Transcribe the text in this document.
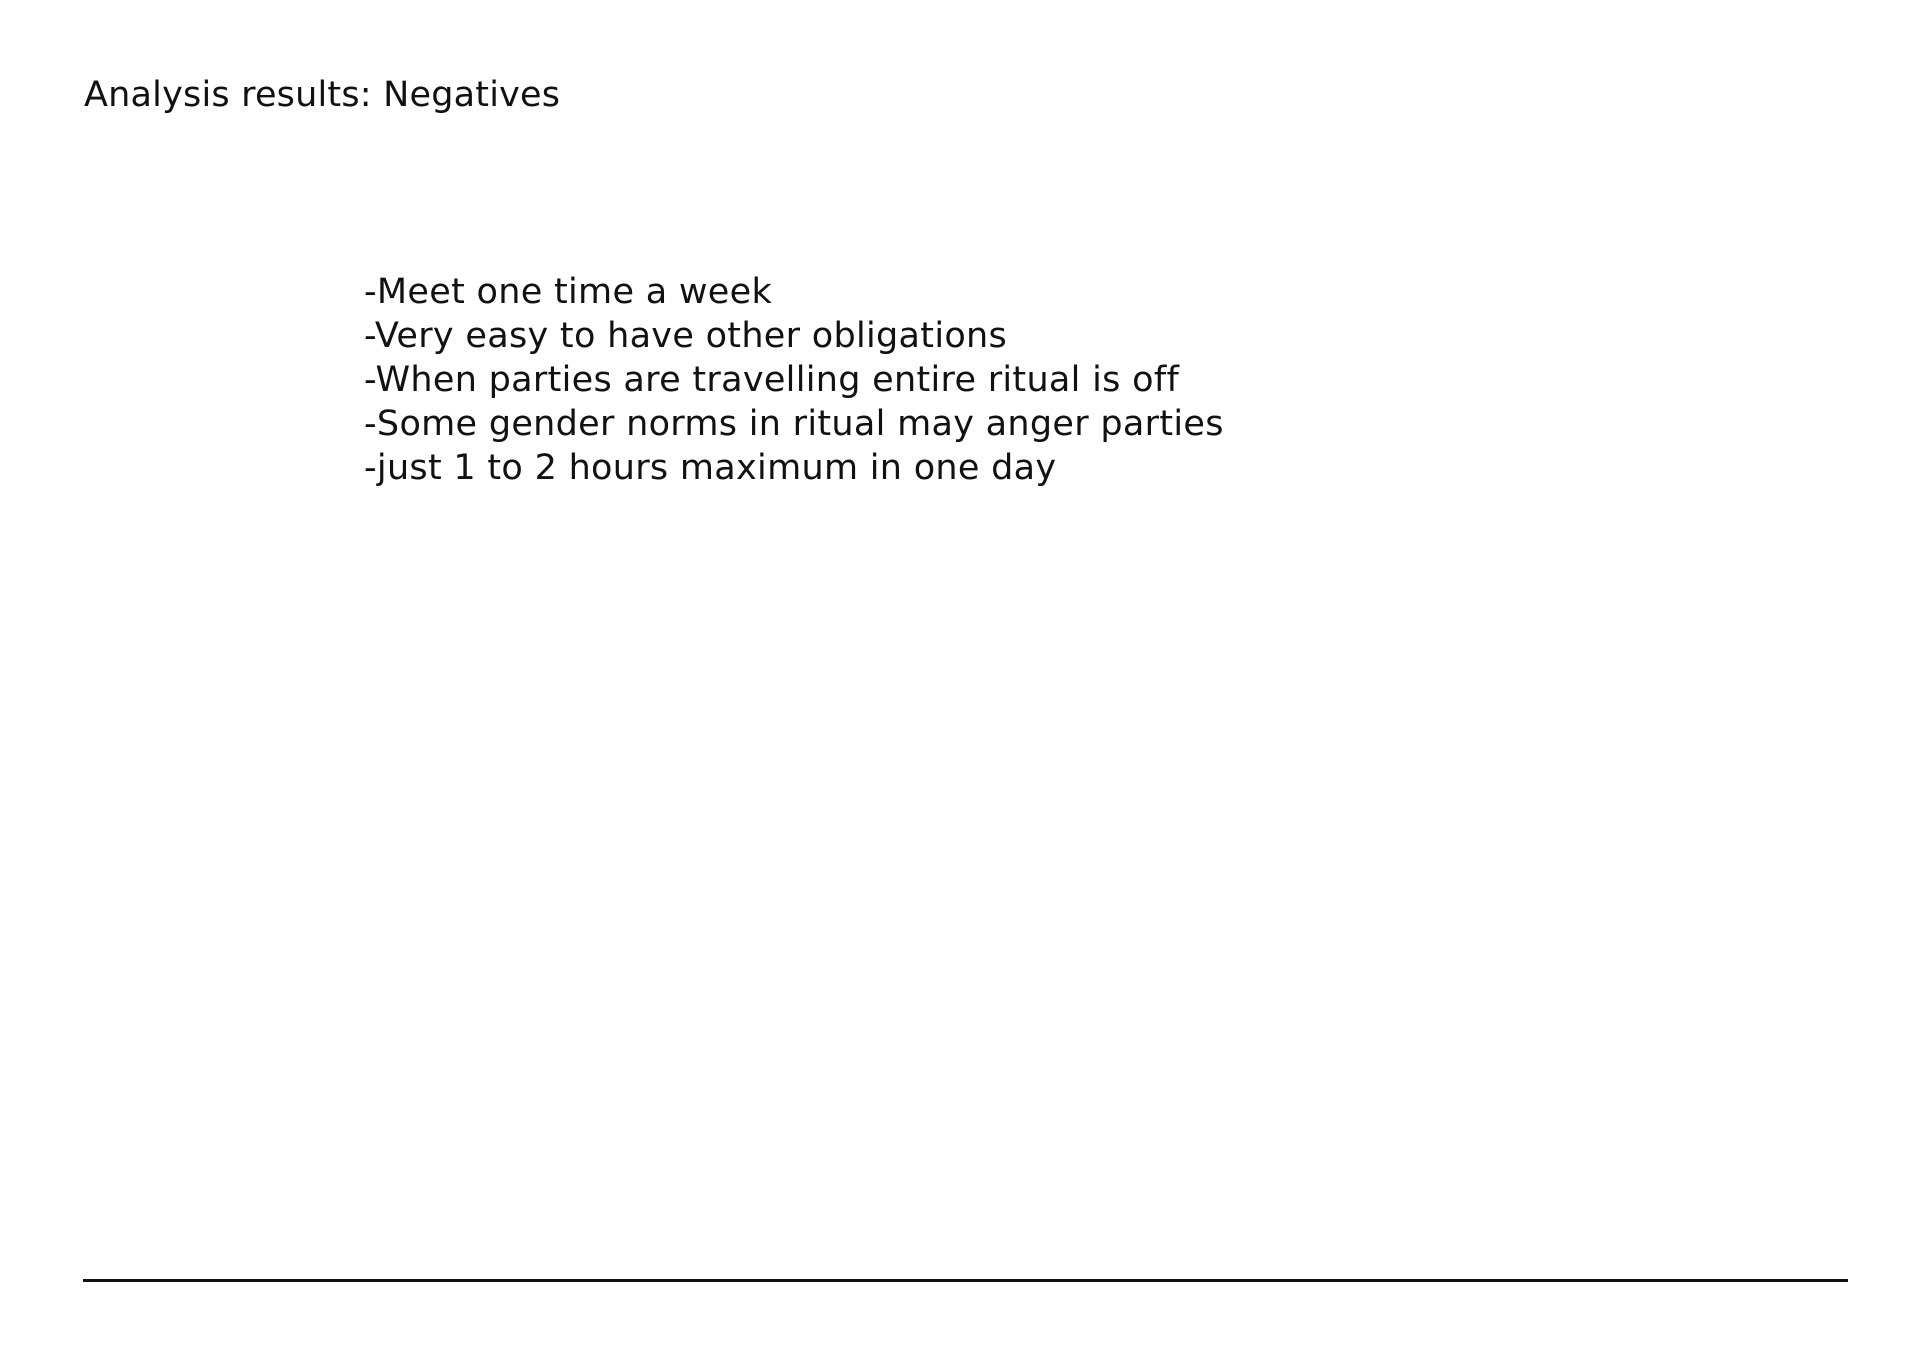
Analysis results: Negatives
-Meet one time a week
-Very easy to have other obligations
-When parties are travelling entire ritual is off
-Some gender norms in ritual may anger parties
-just 1 to 2 hours maximum in one day
